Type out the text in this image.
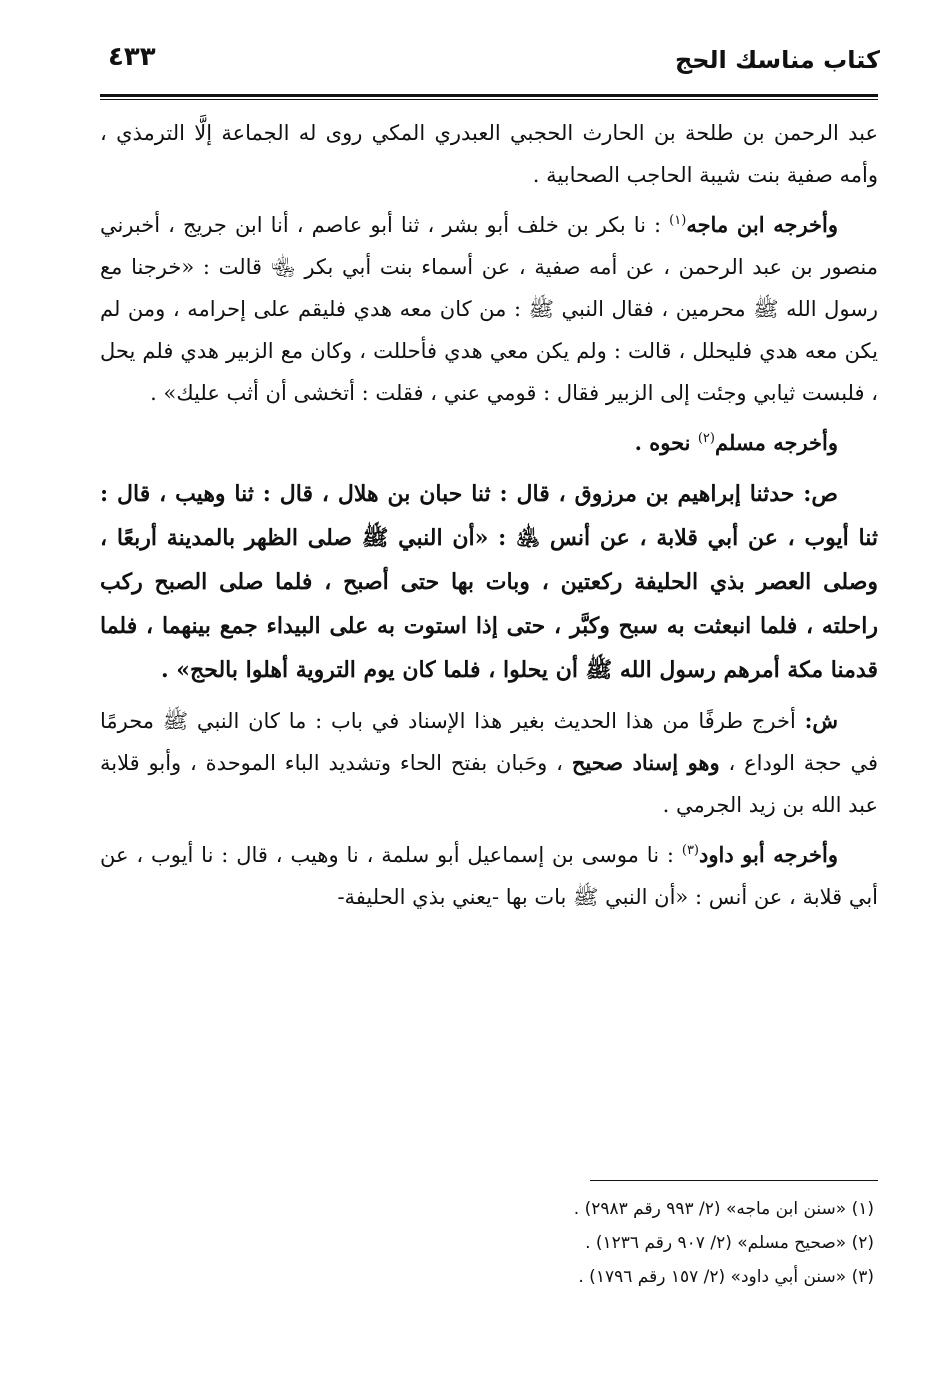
كتاب مناسك الحج
٤٣٣

عبد الرحمن بن طلحة بن الحارث الحجبي العبدري المكي روى له الجماعة إلَّا الترمذي ، وأمه صفية بنت شيبة الحاجب الصحابية .

وأخرجه ابن ماجه$^{(١)}$ : نا بكر بن خلف أبو بشر ، ثنا أبو عاصم ، أنا ابن جريج ، أخبرني منصور بن عبد الرحمن ، عن أمه صفية ، عن أسماء بنت أبي بكر ﵄ قالت : «خرجنا مع رسول الله ﷺ محرمين ، فقال النبي ﷺ : من كان معه هدي فليقم على إحرامه ، ومن لم يكن معه هدي فليحلل ، قالت : ولم يكن معي هدي فأحللت ، وكان مع الزبير هدي فلم يحل ، فلبست ثيابي وجئت إلى الزبير فقال : قومي عني ، فقلت : أتخشى أن أثب عليك» .

وأخرجه مسلم$^{(٢)}$ نحوه .

ص: حدثنا إبراهيم بن مرزوق ، قال : ثنا حبان بن هلال ، قال : ثنا وهيب ، قال : ثنا أيوب ، عن أبي قلابة ، عن أنس ﵁ : «أن النبي ﷺ صلى الظهر بالمدينة أربعًا ، وصلى العصر بذي الحليفة ركعتين ، وبات بها حتى أصبح ، فلما صلى الصبح ركب راحلته ، فلما انبعثت به سبح وكبَّر ، حتى إذا استوت به على البيداء جمع بينهما ، فلما قدمنا مكة أمرهم رسول الله ﷺ أن يحلوا ، فلما كان يوم التروية أهلوا بالحج» .

ش: أخرج طرفًا من هذا الحديث بغير هذا الإسناد في باب : ما كان النبي ﷺ محرمًا في حجة الوداع ، وهو إسناد صحيح ، وحَبان بفتح الحاء وتشديد الباء الموحدة ، وأبو قلابة عبد الله بن زيد الجرمي .

وأخرجه أبو داود$^{(٣)}$ : نا موسى بن إسماعيل أبو سلمة ، نا وهيب ، قال : نا أيوب ، عن أبي قلابة ، عن أنس : «أن النبي ﷺ بات بها -يعني بذي الحليفة-

(١) «سنن ابن ماجه» (٢/ ٩٩٣ رقم ٢٩٨٣) .

(٢) «صحيح مسلم» (٢/ ٩٠٧ رقم ١٢٣٦) .

(٣) «سنن أبي داود» (٢/ ١٥٧ رقم ١٧٩٦) .
